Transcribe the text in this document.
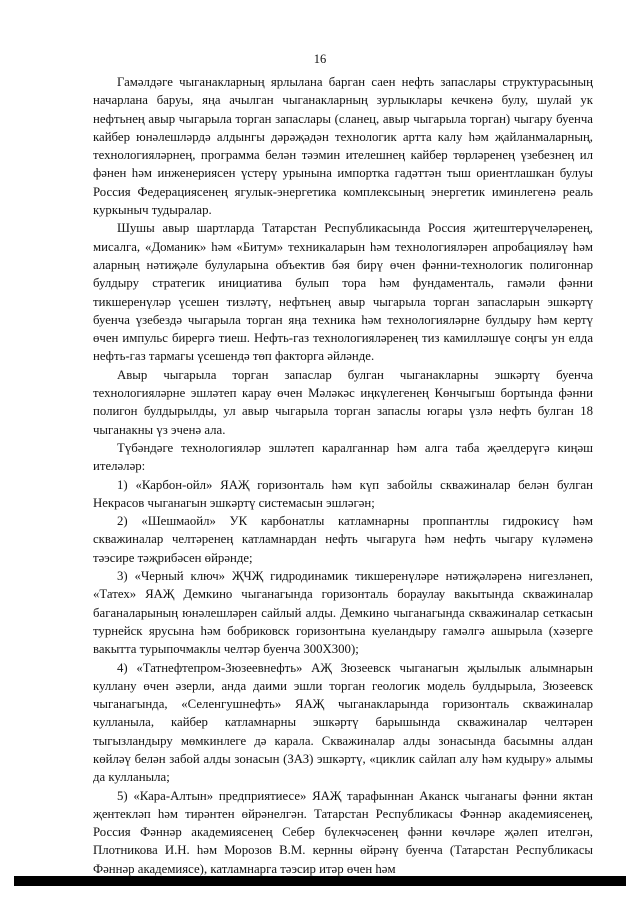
16

Гамәлдәге чыганакларның ярлылана барган саен нефть запаслары структурасының начарлана баруы, яңа ачылган чыганакларның зурлыклары кечкенә булу, шулай ук нефтьнең авыр чыгарыла торган запаслары (сланец, авыр чыгарыла торган) чыгару буенча кайбер юнәлешләрдә алдынгы дәрәҗәдән технологик арттa калу һәм җайланмаларның, технологияләрнең, программа белән тәэмин ителешнең кайбер төрләренең үзебезнең ил фәнен һәм инженериясен үстерү урынына импортка гадәттән тыш ориентлашкан булуы Россия Федерациясенең ягулык-энергетика комплексының энергетик иминлегенә реаль куркыныч тудыралар.

Шушы авыр шартларда Татарстан Республикасында Россия җитештерүчеләренең, мисалга, «Доманик» һәм «Битум» техникаларын һәм технологияләрен апробацияләү һәм аларның нәтиҗәле булуларына объектив бәя бирү өчен фәнни-технологик полигоннар булдыру стратегик инициатива булып тора һәм фундаменталь, гамәли фәнни тикшеренүләр үсешен тизләтү, нефтьнең авыр чыгарыла торган запасларын эшкәртү буенча үзебездә чыгарыла торган яңа техника һәм технологияләрне булдыру һәм кертү өчен импульс бирергә тиеш. Нефть-газ технологияләренең тиз камилләшүе соңгы ун елда нефть-газ тармагы үсешендә төп факторга әйләнде.

Авыр чыгарыла торган запаслар булган чыганакларны эшкәртү буенча технологияләрне эшләтеп карау өчен Мәләкәс иңкүлегенең Көнчыгыш бортында фәнни полигон булдырылды, ул авыр чыгарыла торган запаслы югары үзлә нефть булган 18 чыганакны үз эченә ала.

Түбәндәге технологияләр эшләтеп каралганнар һәм алга таба җәелдерүгә киңәш ителәләр:

1) «Карбон-ойл» ЯАҖ горизонталь һәм күп забойлы скважиналар белән булган Некрасов чыганагын эшкәртү системасын эшләгән;

2) «Шешмаойл» УК карбонатлы катламнарны проппантлы гидрокисү һәм скважиналар челтәренең катламнардан нефть чыгаруга һәм нефть чыгару күләменә тәэсире тәҗрибәсен өйрәнде;

3) «Черный ключ» ҖЧҖ гидродинамик тикшеренүләре нәтиҗәләренә нигезләнеп, «Татех» ЯАҖ Демкино чыганагында горизонталь бораулау вакытында скважиналар баганаларының юнәлешләрен сайлый алды. Демкино чыганагында скважиналар сеткасын турнейск ярусына һәм бобриковск горизонтына куеландыру гамәлгә ашырыла (хәзерге вакытта турыпочмаклы челтәр буенча 300Х300);

4) «Татнефтепром-Зюзеевнефть» АҖ Зюзеевск чыганагын җылылык алымнарын куллану өчен әзерли, анда даими эшли торган геологик модель булдырыла, Зюзеевск чыганагында, «Селенгушнефть» ЯАҖ чыганакларында горизонталь скважиналар кулланыла, кайбер катламнарны эшкәртү барышында скважиналар челтәрен тыгызландыру мөмкинлеге дә карала. Скважиналар алды зонасында басымны алдан көйләү белән забой алды зонасын (ЗАЗ) эшкәртү, «циклик сайлап алу һәм кудыру» алымы да кулланыла;

5) «Кара-Алтын» предприятиесе» ЯАҖ тарафыннан Аканск чыганагы фәнни яктан җентекләп һәм тирәнтен өйрәнелгән. Татарстан Республикасы Фәннәр академиясенең, Россия Фәннәр академиясенең Себер бүлекчәсенең фәнни көчләре җәлеп ителгән, Плотникова И.Н. һәм Морозов В.М. кернны өйрәнү буенча (Татарстан Республикасы Фәннәр академиясе), катламнарга тәэсир итәр өчен һәм
